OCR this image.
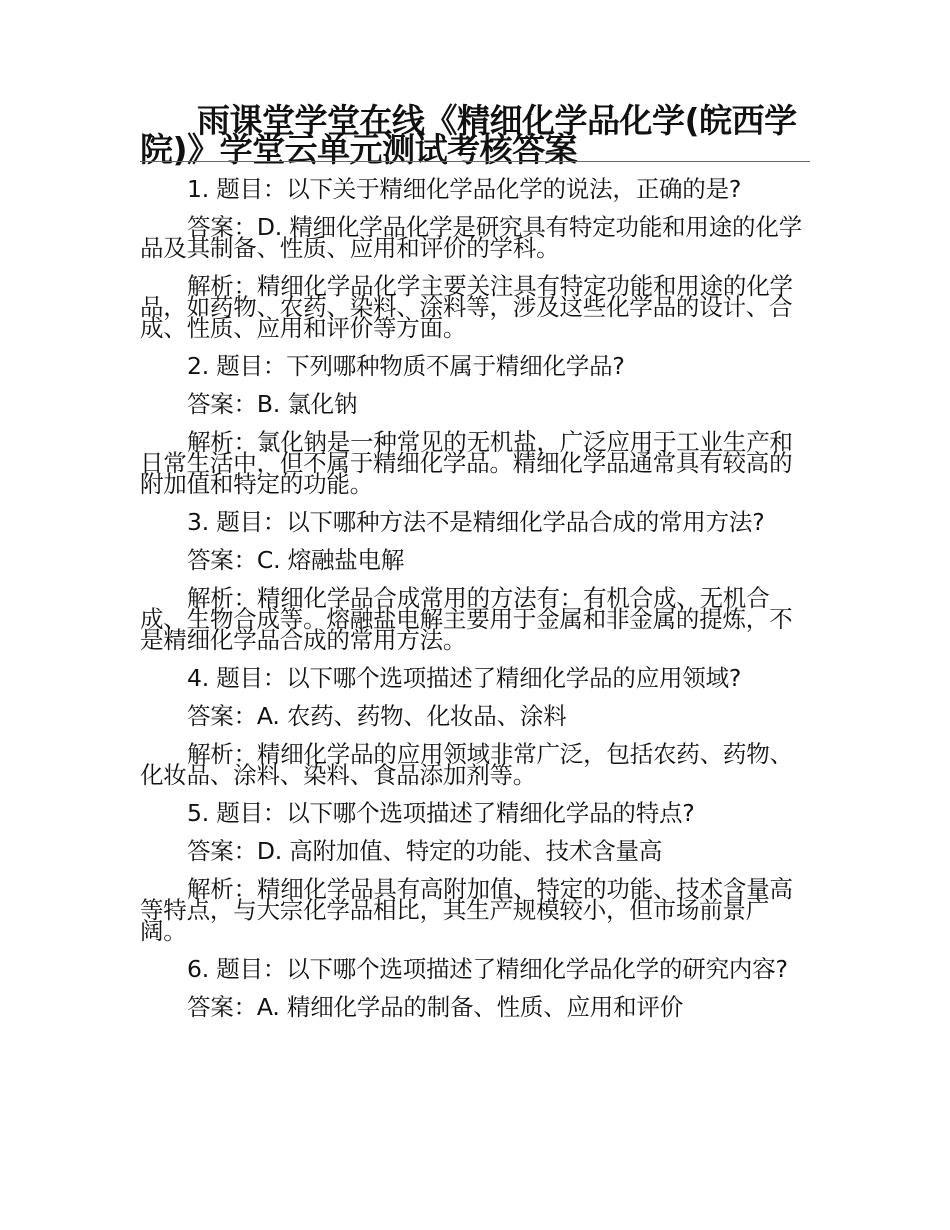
雨课堂学堂在线《精细化学品化学(皖西学院)》学堂云单元测试考核答案

1. 题目：以下关于精细化学品化学的说法，正确的是?

答案：D. 精细化学品化学是研究具有特定功能和用途的化学品及其制备、性质、应用和评价的学科。

解析：精细化学品化学主要关注具有特定功能和用途的化学品，如药物、农药、染料、涂料等，涉及这些化学品的设计、合成、性质、应用和评价等方面。

2. 题目：下列哪种物质不属于精细化学品?

答案：B. 氯化钠

解析：氯化钠是一种常见的无机盐，广泛应用于工业生产和日常生活中，但不属于精细化学品。精细化学品通常具有较高的附加值和特定的功能。

3. 题目：以下哪种方法不是精细化学品合成的常用方法?

答案：C. 熔融盐电解

解析：精细化学品合成常用的方法有：有机合成、无机合成、生物合成等。熔融盐电解主要用于金属和非金属的提炼，不是精细化学品合成的常用方法。

4. 题目：以下哪个选项描述了精细化学品的应用领域?

答案：A. 农药、药物、化妆品、涂料

解析：精细化学品的应用领域非常广泛，包括农药、药物、化妆品、涂料、染料、食品添加剂等。

5. 题目：以下哪个选项描述了精细化学品的特点?

答案：D. 高附加值、特定的功能、技术含量高

解析：精细化学品具有高附加值、特定的功能、技术含量高等特点，与大宗化学品相比，其生产规模较小，但市场前景广阔。

6. 题目：以下哪个选项描述了精细化学品化学的研究内容?

答案：A. 精细化学品的制备、性质、应用和评价
